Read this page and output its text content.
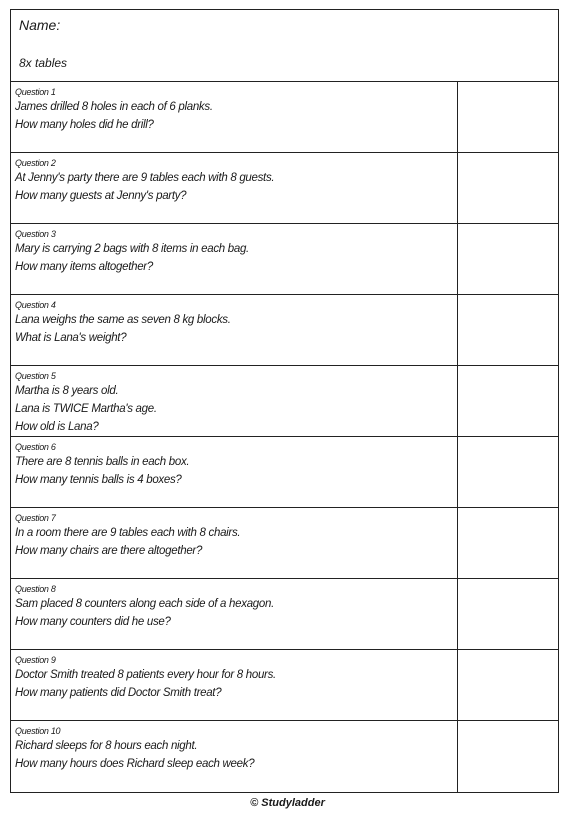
Name:
8x tables
Question 1
James drilled 8 holes in each of 6 planks.
How many holes did he drill?
Question 2
At Jenny's party there are 9 tables each with 8 guests.
How many guests at Jenny's party?
Question 3
Mary is carrying 2 bags with 8 items in each bag.
How many items altogether?
Question 4
Lana weighs the same as seven 8 kg blocks.
What is Lana's weight?
Question 5
Martha is 8 years old.
Lana is TWICE Martha's age.
How old is Lana?
Question 6
There are 8 tennis balls in each box.
How many tennis balls is 4 boxes?
Question 7
In a room there are 9 tables each with 8 chairs.
How many chairs are there altogether?
Question 8
Sam placed 8 counters along each side of a hexagon.
How many counters did he use?
Question 9
Doctor Smith treated 8 patients every hour for 8 hours.
How many patients did Doctor Smith treat?
Question 10
Richard sleeps for 8 hours each night.
How many hours does Richard sleep each week?
© Studyladder
